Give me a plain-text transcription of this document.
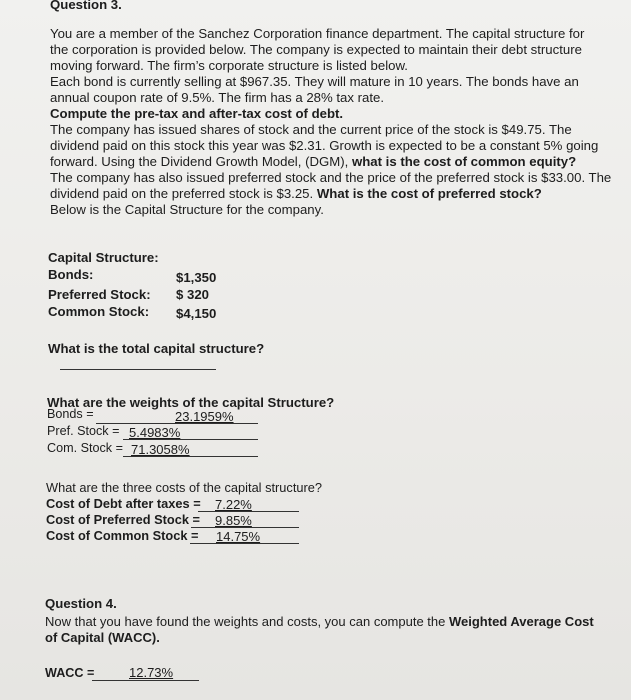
Question 3.
You are a member of the Sanchez Corporation finance department. The capital structure for
the corporation is provided below. The company is expected to maintain their debt structure
moving forward. The firm’s corporate structure is listed below.
Each bond is currently selling at $967.35. They will mature in 10 years. The bonds have an
annual coupon rate of 9.5%. The firm has a 28% tax rate.
Compute the pre-tax and after-tax cost of debt.
The company has issued shares of stock and the current price of the stock is $49.75. The
dividend paid on this stock this year was $2.31. Growth is expected to be a constant 5% going
forward. Using the Dividend Growth Model, (DGM), what is the cost of common equity?
The company has also issued preferred stock and the price of the preferred stock is $33.00. The
dividend paid on the preferred stock is $3.25. What is the cost of preferred stock?
Below is the Capital Structure for the company.
Capital Structure:
Bonds:	$1,350
Preferred Stock: $ 320
Common Stock: $4,150
What is the total capital structure?
What are the weights of the capital Structure?
Bonds =	23.1959%
Pref. Stock = 5.4983%
Com. Stock = 71.3058%
What are the three costs of the capital structure?
Cost of Debt after taxes = 7.22%
Cost of Preferred Stock = 9.85%
Cost of Common Stock = 14.75%
Question 4.
Now that you have found the weights and costs, you can compute the Weighted Average Cost
of Capital (WACC).
WACC =	12.73%
